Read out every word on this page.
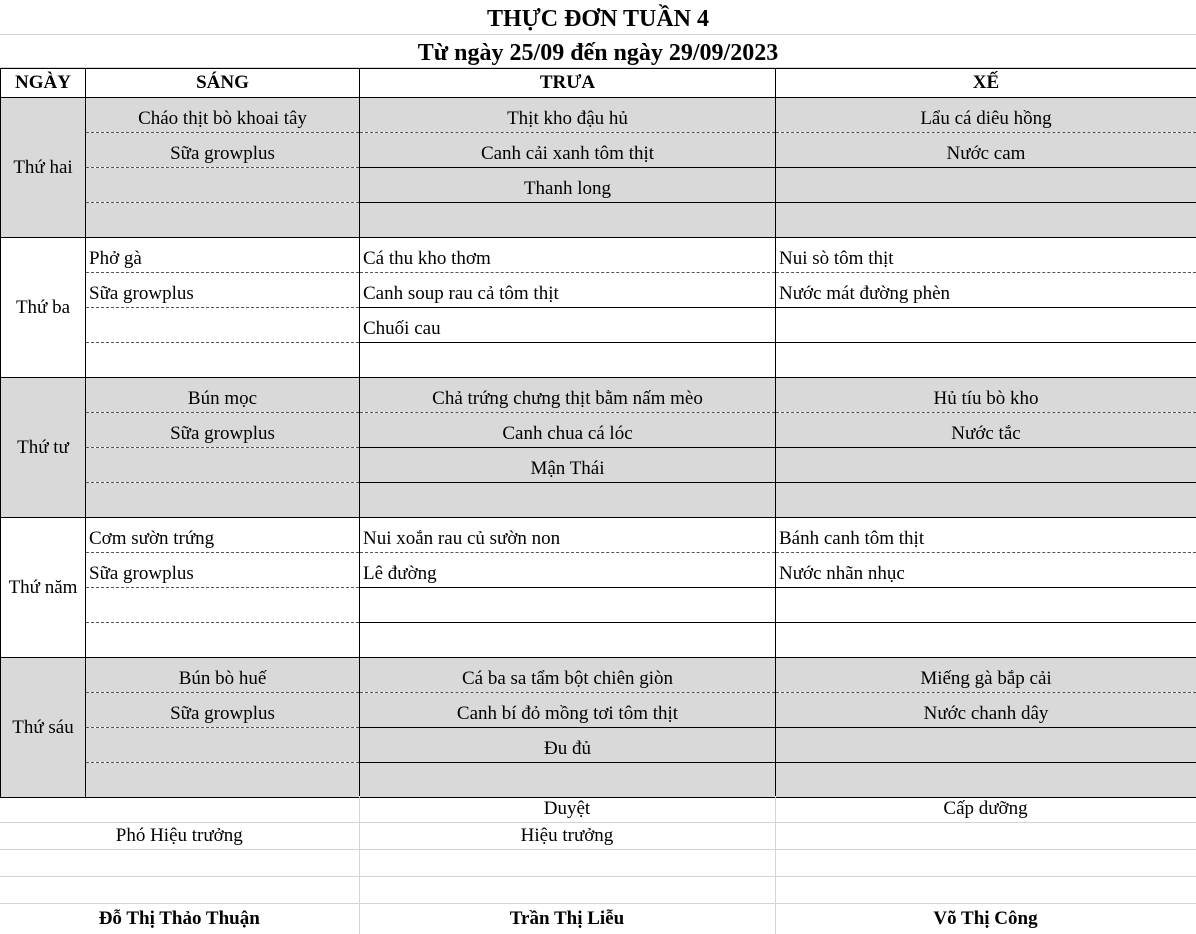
THỰC ĐƠN TUẦN 4
Từ ngày 25/09 đến ngày 29/09/2023
NGÀY	SÁNG	TRƯA	XẾ
Thứ hai	Cháo thịt bò khoai tây	Thịt kho đậu hủ	Lẩu cá diêu hồng

	Sữa growplus	Canh cải xanh tôm thịt	Nước cam

		Thanh long	

Thứ ba	Phở gà	Cá thu kho thơm	Nui sò tôm thịt

	Sữa growplus	Canh soup rau cả tôm thịt	Nước mát đường phèn

		Chuối cau	

Thứ tư	Bún mọc	Chả trứng chưng thịt bằm nấm mèo	Hủ tíu bò kho

	Sữa growplus	Canh chua cá lóc	Nước tắc

		Mận Thái	

Thứ năm	Cơm sườn trứng	Nui xoắn rau củ sườn non	Bánh canh tôm thịt

	Sữa growplus	Lê đường	Nước nhãn nhục

Thứ sáu	Bún bò huế	Cá ba sa tẩm bột chiên giòn	Miếng gà bắp cải

	Sữa growplus	Canh bí đỏ mồng tơi tôm thịt	Nước chanh dây

		Đu đủ	

	Duyệt	Cấp dưỡng
Phó Hiệu trưởng	Hiệu trưởng	

Đỗ Thị Thảo Thuận	Trần Thị Liễu	Võ Thị Công
